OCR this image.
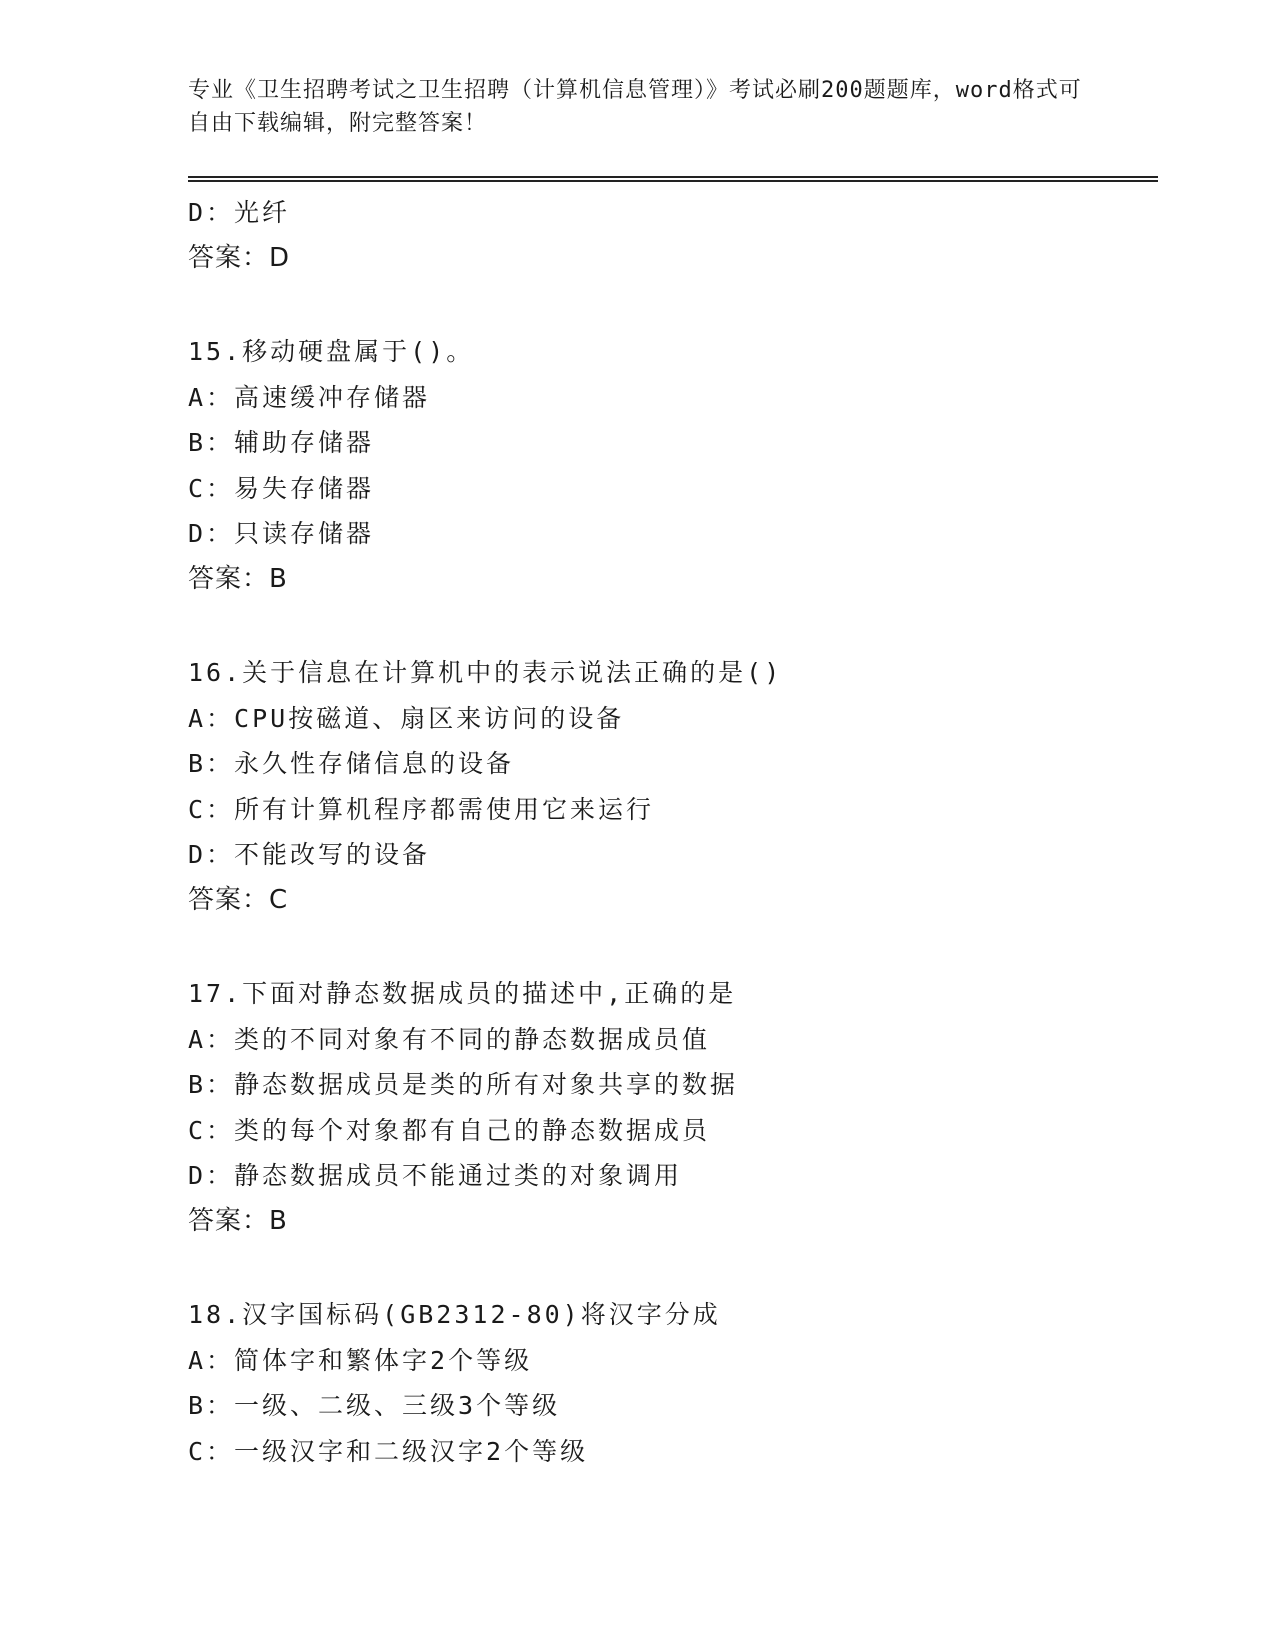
专业《卫生招聘考试之卫生招聘（计算机信息管理）》考试必刷200题题库，word格式可自由下载编辑，附完整答案！
D：光纤
答案：D
15.移动硬盘属于()。
A：高速缓冲存储器
B：辅助存储器
C：易失存储器
D：只读存储器
答案：B
16.关于信息在计算机中的表示说法正确的是()
A：CPU按磁道、扇区来访问的设备
B：永久性存储信息的设备
C：所有计算机程序都需使用它来运行
D：不能改写的设备
答案：C
17.下面对静态数据成员的描述中,正确的是
A：类的不同对象有不同的静态数据成员值
B：静态数据成员是类的所有对象共享的数据
C：类的每个对象都有自己的静态数据成员
D：静态数据成员不能通过类的对象调用
答案：B
18.汉字国标码(GB2312-80)将汉字分成
A：简体字和繁体字2个等级
B：一级、二级、三级3个等级
C：一级汉字和二级汉字2个等级
